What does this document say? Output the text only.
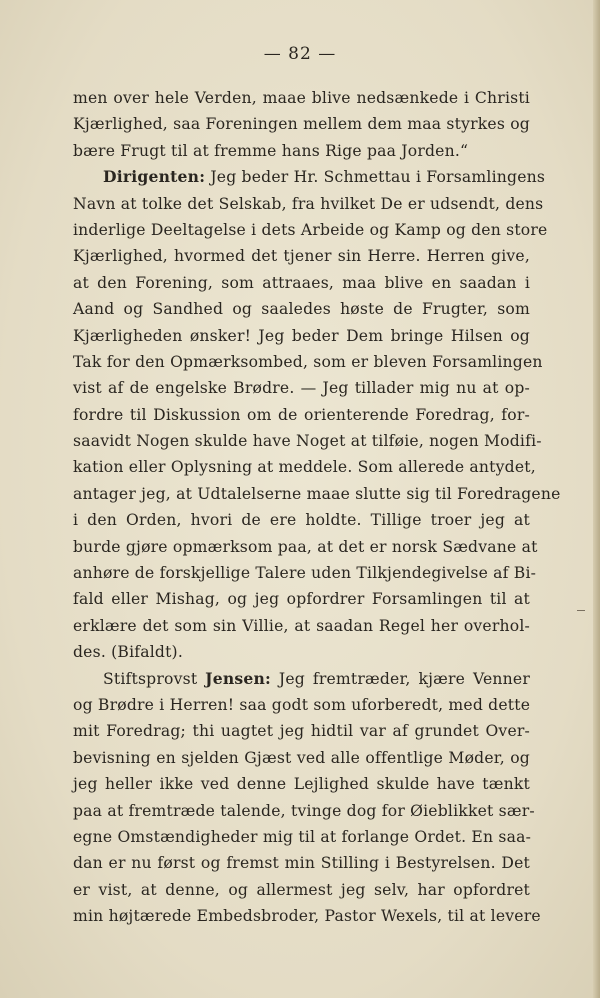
— 82 —
men over hele Verden, maae blive nedsænkede i Christi
Kjærlighed, saa Foreningen mellem dem maa styrkes og
bære Frugt til at fremme hans Rige paa Jorden.“
Dirigenten: Jeg beder Hr. Schmettau i Forsamlingens
Navn at tolke det Selskab, fra hvilket De er udsendt, dens
inderlige Deeltagelse i dets Arbeide og Kamp og den store
Kjærlighed, hvormed det tjener sin Herre. Herren give,
at den Forening, som attraaes, maa blive en saadan i
Aand og Sandhed og saaledes høste de Frugter, som
Kjærligheden ønsker! Jeg beder Dem bringe Hilsen og
Tak for den Opmærksombed, som er bleven Forsamlingen
vist af de engelske Brødre. — Jeg tillader mig nu at op-
fordre til Diskussion om de orienterende Foredrag, for-
saavidt Nogen skulde have Noget at tilføie, nogen Modifi-
kation eller Oplysning at meddele. Som allerede antydet,
antager jeg, at Udtalelserne maae slutte sig til Foredragene
i den Orden, hvori de ere holdte. Tillige troer jeg at
burde gjøre opmærksom paa, at det er norsk Sædvane at
anhøre de forskjellige Talere uden Tilkjendegivelse af Bi-
fald eller Mishag, og jeg opfordrer Forsamlingen til at
erklære det som sin Villie, at saadan Regel her overhol-
des. (Bifaldt).
Stiftsprovst Jensen: Jeg fremtræder, kjære Venner
og Brødre i Herren! saa godt som uforberedt, med dette
mit Foredrag; thi uagtet jeg hidtil var af grundet Over-
bevisning en sjelden Gjæst ved alle offentlige Møder, og
jeg heller ikke ved denne Lejlighed skulde have tænkt
paa at fremtræde talende, tvinge dog for Øieblikket sær-
egne Omstændigheder mig til at forlange Ordet. En saa-
dan er nu først og fremst min Stilling i Bestyrelsen. Det
er vist, at denne, og allermest jeg selv, har opfordret
min højtærede Embedsbroder, Pastor Wexels, til at levere
